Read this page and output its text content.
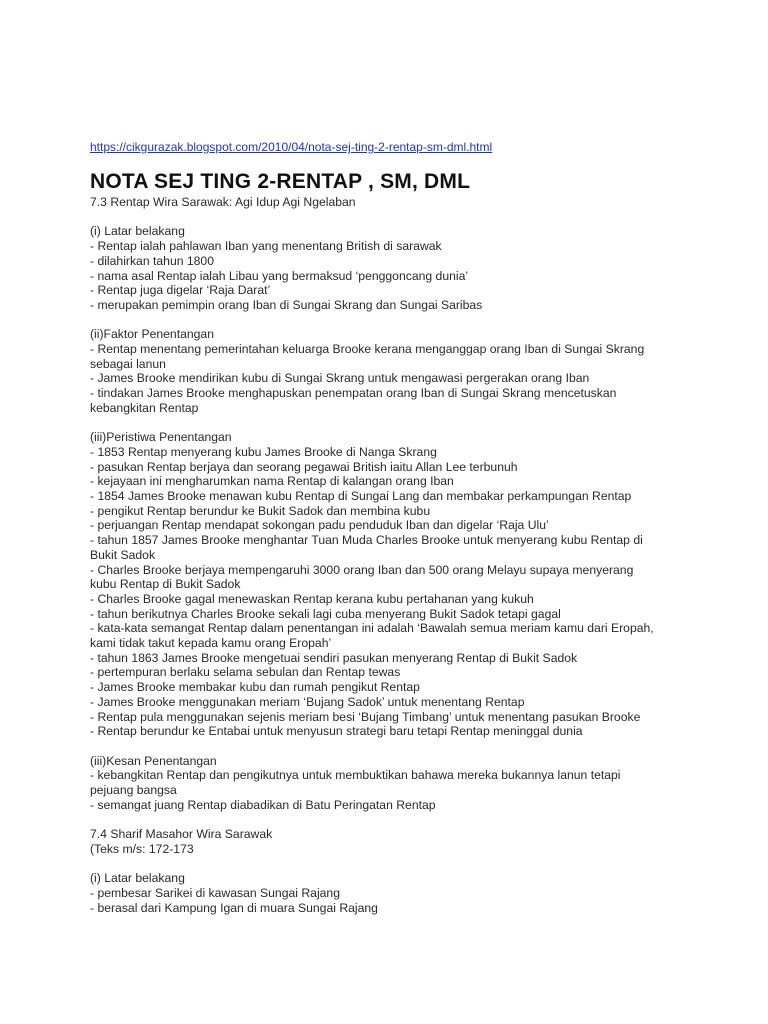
https://cikgurazak.blogspot.com/2010/04/nota-sej-ting-2-rentap-sm-dml.html
NOTA SEJ TING 2-RENTAP , SM, DML

7.3 Rentap Wira Sarawak: Agi Idup Agi Ngelaban

(i) Latar belakang

- Rentap ialah pahlawan Iban yang menentang British di sarawak

- dilahirkan tahun 1800

- nama asal Rentap ialah Libau yang bermaksud ‘penggoncang dunia’

- Rentap juga digelar ‘Raja Darat’

- merupakan pemimpin orang Iban di Sungai Skrang dan Sungai Saribas

(ii)Faktor Penentangan

- Rentap menentang pemerintahan keluarga Brooke kerana menganggap orang Iban di Sungai Skrang

sebagai lanun

- James Brooke mendirikan kubu di Sungai Skrang untuk mengawasi pergerakan orang Iban

- tindakan James Brooke menghapuskan penempatan orang Iban di Sungai Skrang mencetuskan

kebangkitan Rentap

(iii)Peristiwa Penentangan

- 1853 Rentap menyerang kubu James Brooke di Nanga Skrang

- pasukan Rentap berjaya dan seorang pegawai British iaitu Allan Lee terbunuh

- kejayaan ini mengharumkan nama Rentap di kalangan orang Iban

- 1854 James Brooke menawan kubu Rentap di Sungai Lang dan membakar perkampungan Rentap

- pengikut Rentap berundur ke Bukit Sadok dan membina kubu

- perjuangan Rentap mendapat sokongan padu penduduk Iban dan digelar ‘Raja Ulu’

- tahun 1857 James Brooke menghantar Tuan Muda Charles Brooke untuk menyerang kubu Rentap di

Bukit Sadok

- Charles Brooke berjaya mempengaruhi 3000 orang Iban dan 500 orang Melayu supaya menyerang

kubu Rentap di Bukit Sadok

- Charles Brooke gagal menewaskan Rentap kerana kubu pertahanan yang kukuh

- tahun berikutnya Charles Brooke sekali lagi cuba menyerang Bukit Sadok tetapi gagal

- kata-kata semangat Rentap dalam penentangan ini adalah ‘Bawalah semua meriam kamu dari Eropah,

kami tidak takut kepada kamu orang Eropah’

- tahun 1863 James Brooke mengetuai sendiri pasukan menyerang Rentap di Bukit Sadok

- pertempuran berlaku selama sebulan dan Rentap tewas

- James Brooke membakar kubu dan rumah pengikut Rentap

- James Brooke menggunakan meriam ‘Bujang Sadok’ untuk menentang Rentap

- Rentap pula menggunakan sejenis meriam besi ‘Bujang Timbang’ untuk menentang pasukan Brooke

- Rentap berundur ke Entabai untuk menyusun strategi baru tetapi Rentap meninggal dunia

(iii)Kesan Penentangan

- kebangkitan Rentap dan pengikutnya untuk membuktikan bahawa mereka bukannya lanun tetapi

pejuang bangsa

- semangat juang Rentap diabadikan di Batu Peringatan Rentap

7.4 Sharif Masahor Wira Sarawak

(Teks m/s: 172-173

(i) Latar belakang

- pembesar Sarikei di kawasan Sungai Rajang

- berasal dari Kampung Igan di muara Sungai Rajang
